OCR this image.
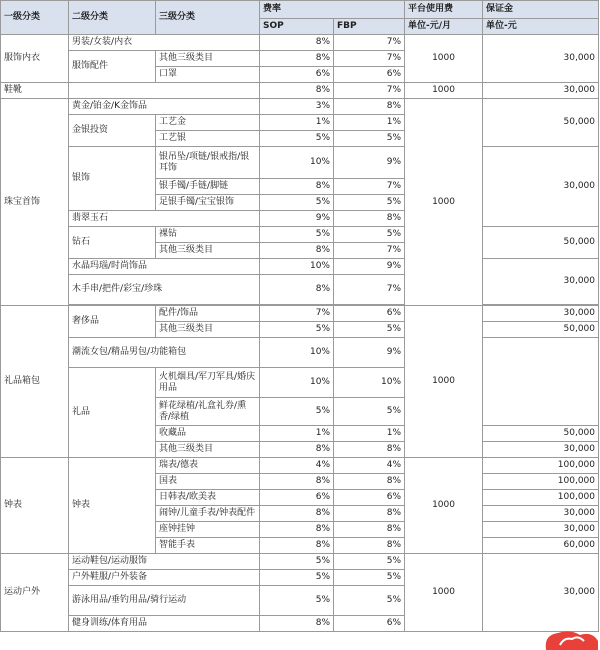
一级分类	二级分类	三级分类	费率		平台使用费	保证金
			SOP	FBP	单位-元/月	单位-元
服饰内衣	男装/女装/内衣		8%	7%	1000	30,000
	服饰配件	其他三级类目	8%	7%		
		口罩	6%	6%		
鞋靴			8%	7%	1000	30,000
珠宝首饰	黄金/铂金/K金饰品		3%	8%	1000	50,000
	金银投资	工艺金	1%	1%		
		工艺银	5%	5%		
	银饰	银吊坠/项链/银戒指/银耳饰	10%	9%		30,000
		银手镯/手链/脚链	8%	7%		
		足银手镯/宝宝银饰	5%	5%		
	翡翠玉石		9%	8%		
	钻石	裸钻	5%	5%		50,000
		其他三级类目	8%	7%		
	水晶玛瑙/时尚饰品		10%	9%		30,000
	木手串/把件/彩宝/珍珠		8%	7%		

礼品箱包	奢侈品	配件/饰品	7%	6%	1000	30,000
		其他三级类目	5%	5%		50,000
	潮流女包/精品男包/功能箱包		10%	9%		
	礼品	火机烟具/军刀军具/婚庆用品	10%	10%		
		鲜花绿植/礼盒礼券/熏香/绿植	5%	5%		
		收藏品	1%	1%		50,000
		其他三级类目	8%	8%		30,000
钟表	钟表	瑞表/德表	4%	4%	1000	100,000
		国表	8%	8%		100,000
		日韩表/欧美表	6%	6%		100,000
		闹钟/儿童手表/钟表配件	8%	8%		30,000
		座钟挂钟	8%	8%		30,000
		智能手表	8%	8%		60,000
运动户外	运动鞋包/运动服饰		5%	5%	1000	30,000
	户外鞋服/户外装备		5%	5%		
	游泳用品/垂钓用品/骑行运动		5%	5%		
	健身训练/体育用品		8%	6%		
